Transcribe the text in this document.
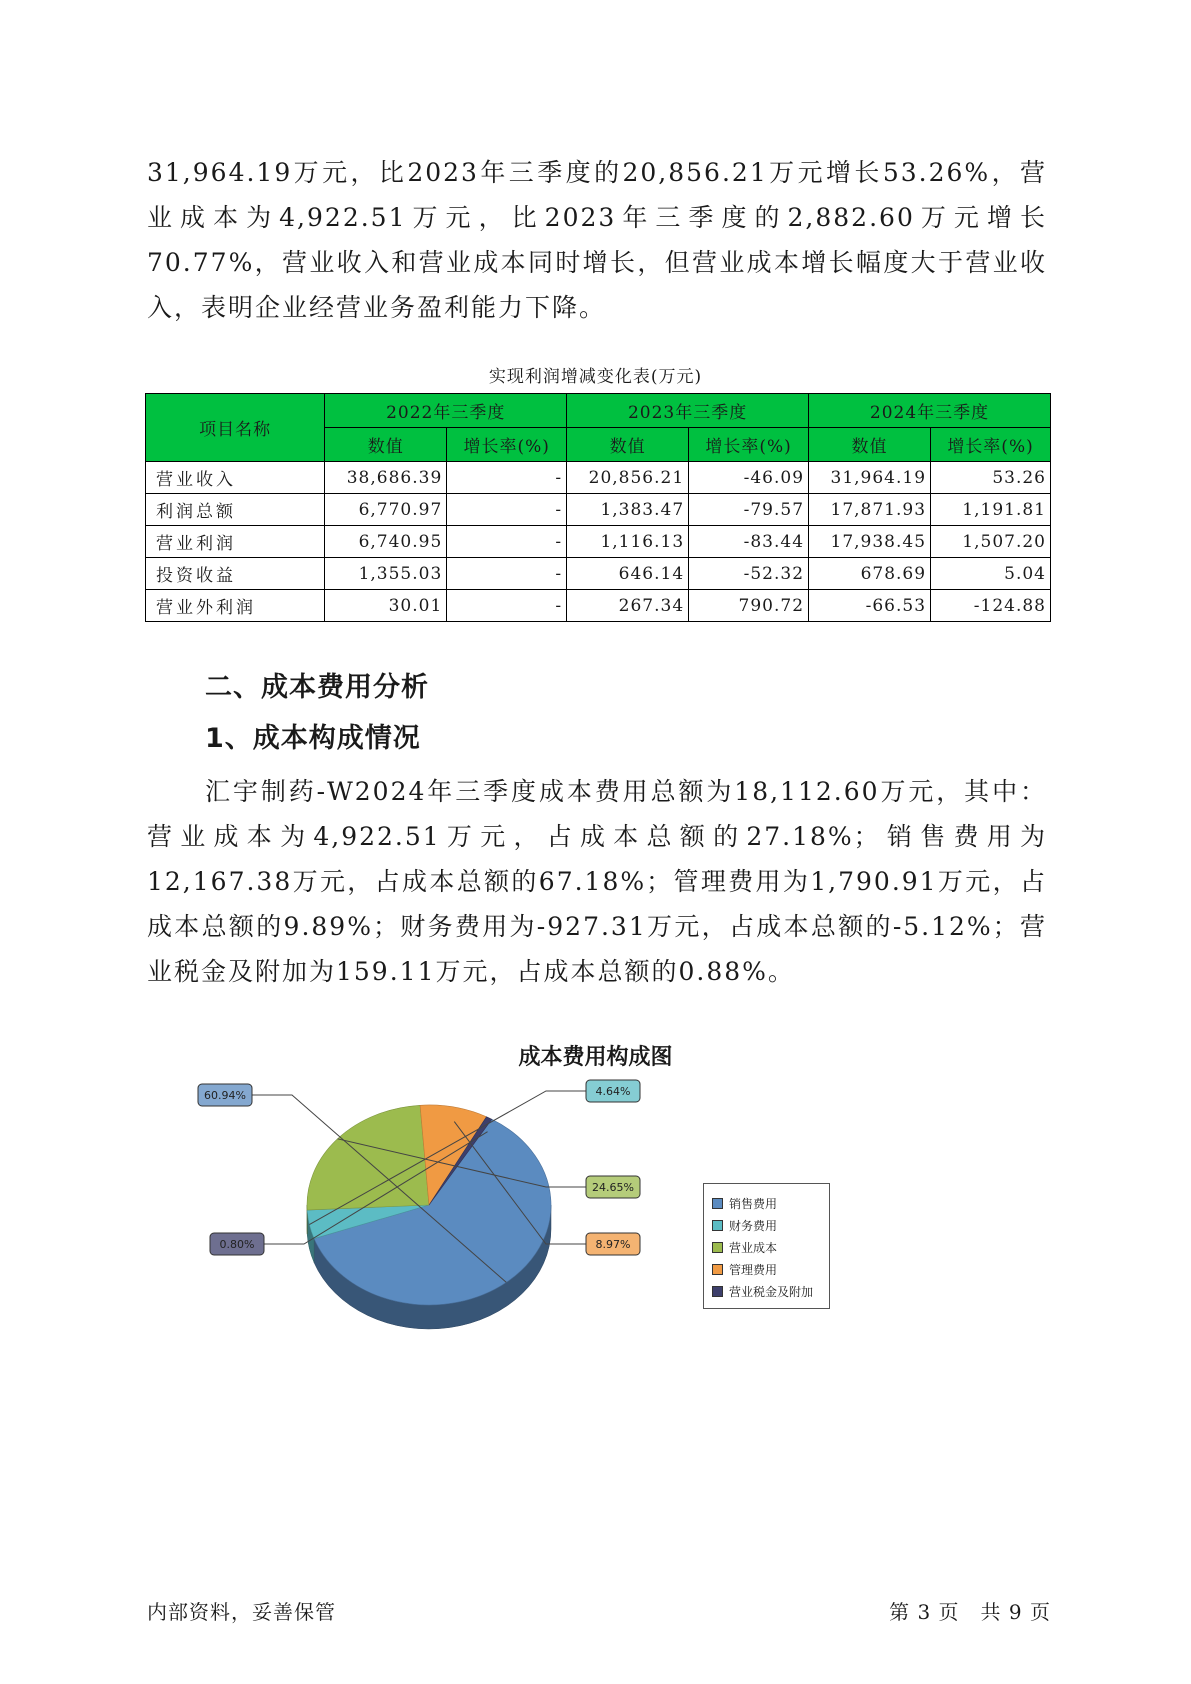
31,964.19万元，比2023年三季度的20,856.21万元增长53.26%，营业成本为4,922.51万元，比2023年三季度的2,882.60万元增长70.77%，营业收入和营业成本同时增长，但营业成本增长幅度大于营业收入，表明企业经营业务盈利能力下降。

实现利润增减变化表(万元)
项目名称	2022年三季度		2023年三季度		2024年三季度	
	数值	增长率(%)	数值	增长率(%)	数值	增长率(%)
营业收入	38,686.39	-	20,856.21	-46.09	31,964.19	53.26
利润总额	6,770.97	-	1,383.47	-79.57	17,871.93	1,191.81
营业利润	6,740.95	-	1,116.13	-83.44	17,938.45	1,507.20
投资收益	1,355.03	-	646.14	-52.32	678.69	5.04
营业外利润	30.01	-	267.34	790.72	-66.53	-124.88
二、成本费用分析
1、成本构成情况

汇宇制药-W2024年三季度成本费用总额为18,112.60万元，其中：营业成本为4,922.51万元，占成本总额的27.18%；销售费用为12,167.38万元，占成本总额的67.18%；管理费用为1,790.91万元，占成本总额的9.89%；财务费用为-927.31万元，占成本总额的-5.12%；营业税金及附加为159.11万元，占成本总额的0.88%。

成本费用构成图
60.94%	4.64%
24.65%
8.97%
0.80%
销售费用
财务费用
营业成本
管理费用
营业税金及附加
内部资料，妥善保管	第 3 页　共 9 页
